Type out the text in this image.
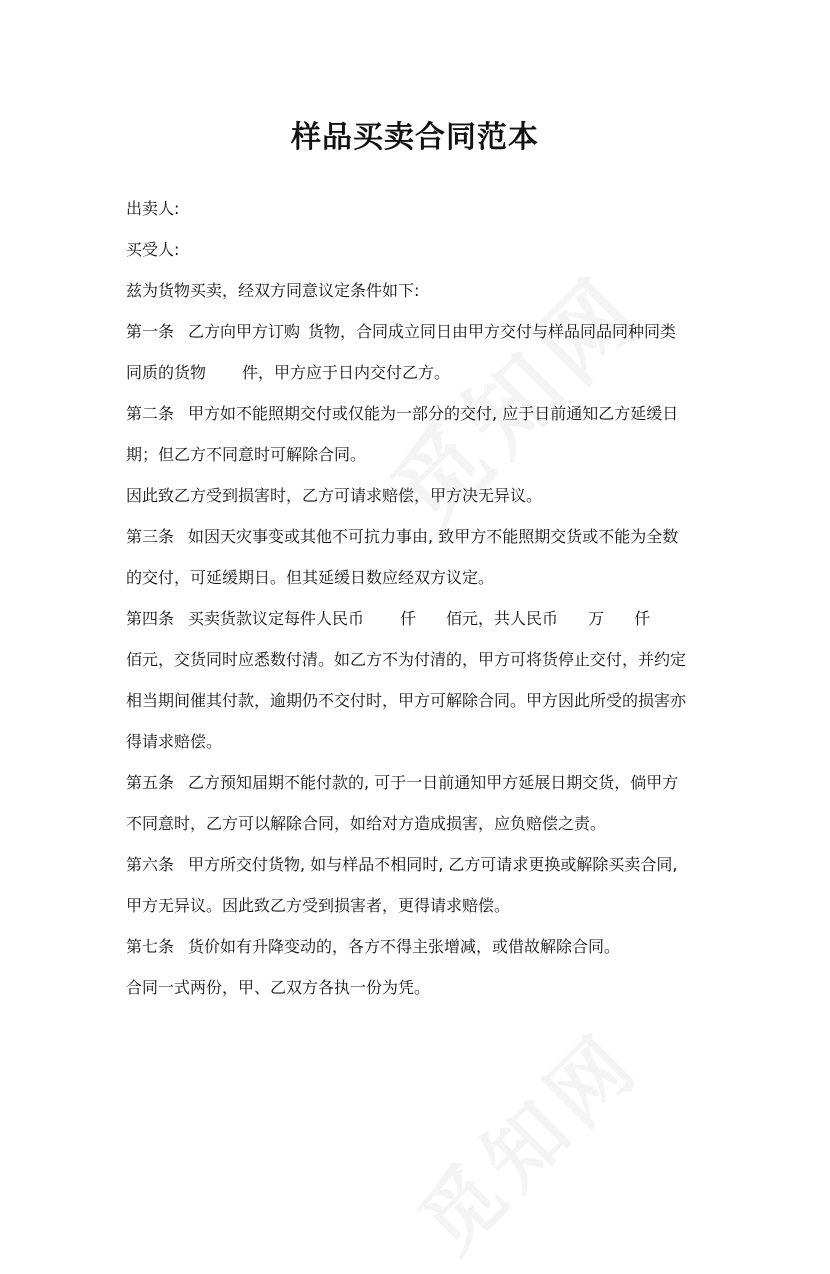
样品买卖合同范本

出卖人:

买受人:

兹为货物买卖，经双方同意议定条件如下:

第一条 乙方向甲方订购 货物，合同成立同日由甲方交付与样品同品同种同类

同质的货物 件，甲方应于日内交付乙方。

第二条 甲方如不能照期交付或仅能为一部分的交付, 应于日前通知乙方延缓日

期；但乙方不同意时可解除合同。

因此致乙方受到损害时，乙方可请求赔偿，甲方决无异议。

第三条 如因天灾事变或其他不可抗力事由, 致甲方不能照期交货或不能为全数

的交付，可延缓期日。但其延缓日数应经双方议定。

第四条 买卖货款议定每件人民币 仟 佰元，共人民币 万 仟

佰元，交货同时应悉数付清。如乙方不为付清的，甲方可将货停止交付，并约定

相当期间催其付款，逾期仍不交付时，甲方可解除合同。甲方因此所受的损害亦

得请求赔偿。

第五条 乙方预知届期不能付款的, 可于一日前通知甲方延展日期交货，倘甲方

不同意时，乙方可以解除合同，如给对方造成损害，应负赔偿之责。

第六条 甲方所交付货物, 如与样品不相同时, 乙方可请求更换或解除买卖合同,

甲方无异议。因此致乙方受到损害者，更得请求赔偿。

第七条 货价如有升降变动的，各方不得主张增减，或借故解除合同。

合同一式两份，甲、乙双方各执一份为凭。
